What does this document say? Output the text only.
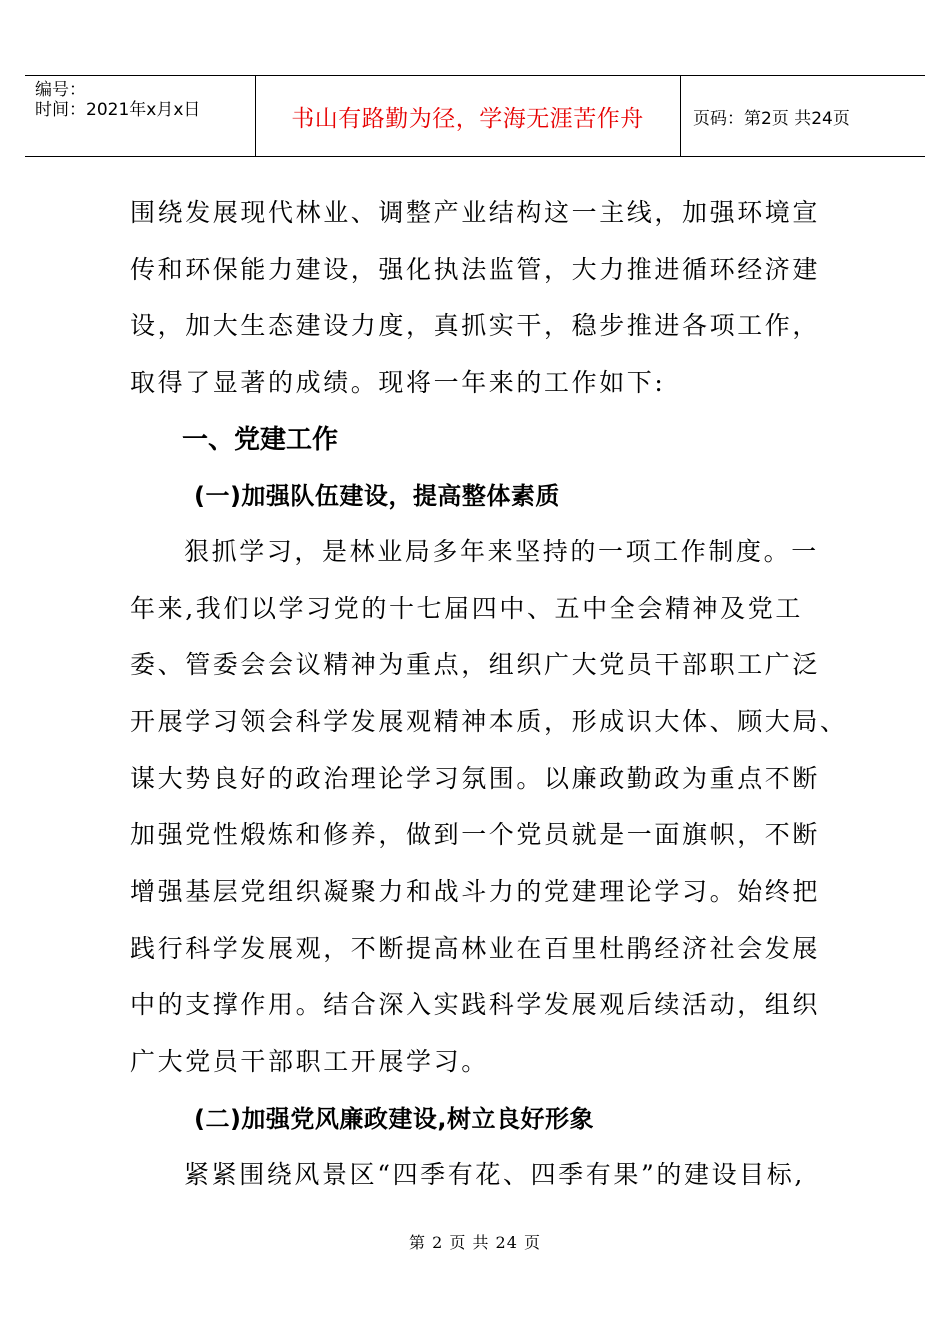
编号：
时间：2021年x月x日	书山有路勤为径，学海无涯苦作舟	页码：第2页 共24页

围绕发展现代林业、调整产业结构这一主线，加强环境宣
传和环保能力建设，强化执法监管，大力推进循环经济建
设，加大生态建设力度，真抓实干，稳步推进各项工作，
取得了显著的成绩。现将一年来的工作如下:

一、党建工作
(一)加强队伍建设，提高整体素质

狠抓学习，是林业局多年来坚持的一项工作制度。一
年来,我们以学习党的十七届四中、五中全会精神及党工
委、管委会会议精神为重点，组织广大党员干部职工广泛
开展学习领会科学发展观精神本质，形成识大体、顾大局、
谋大势良好的政治理论学习氛围。以廉政勤政为重点不断
加强党性煅炼和修养，做到一个党员就是一面旗帜，不断
增强基层党组织凝聚力和战斗力的党建理论学习。始终把
践行科学发展观，不断提高林业在百里杜鹃经济社会发展
中的支撑作用。结合深入实践科学发展观后续活动，组织
广大党员干部职工开展学习。

(二)加强党风廉政建设,树立良好形象

紧紧围绕风景区“四季有花、四季有果”的建设目标,

第 2 页 共 24 页
